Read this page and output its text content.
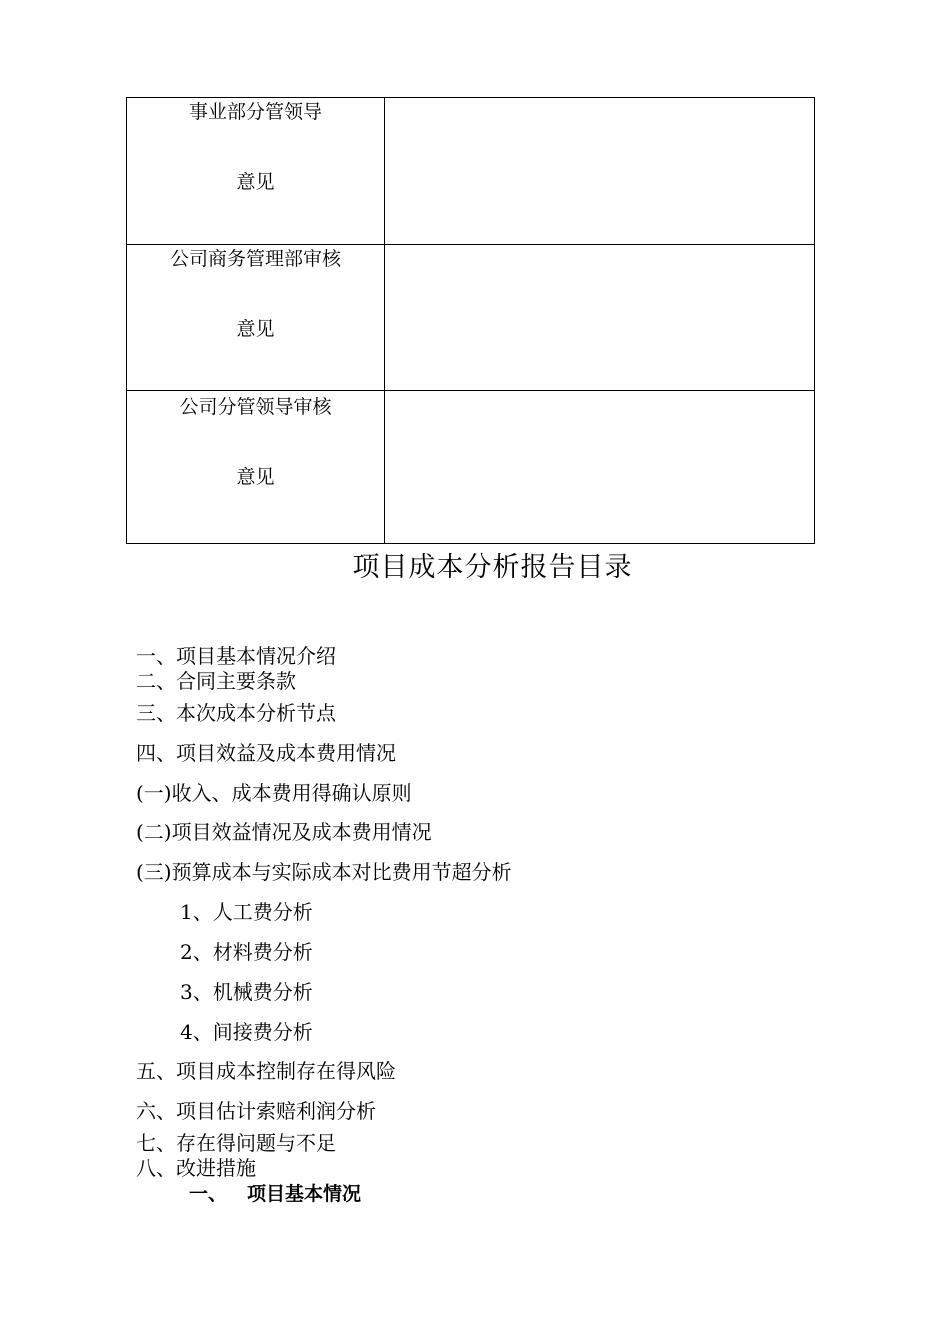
事业部分管领导
意见	

公司商务管理部审核
意见	

公司分管领导审核
意见	

项目成本分析报告目录
一、项目基本情况介绍
二、合同主要条款
三、本次成本分析节点
四、项目效益及成本费用情况
(一)收入、成本费用得确认原则
(二)项目效益情况及成本费用情况
(三)预算成本与实际成本对比费用节超分析
1、人工费分析
2、材料费分析
3、机械费分析
4、间接费分析
五、项目成本控制存在得风险
六、项目估计索赔利润分析
七、存在得问题与不足
八、改进措施
一、 项目基本情况
